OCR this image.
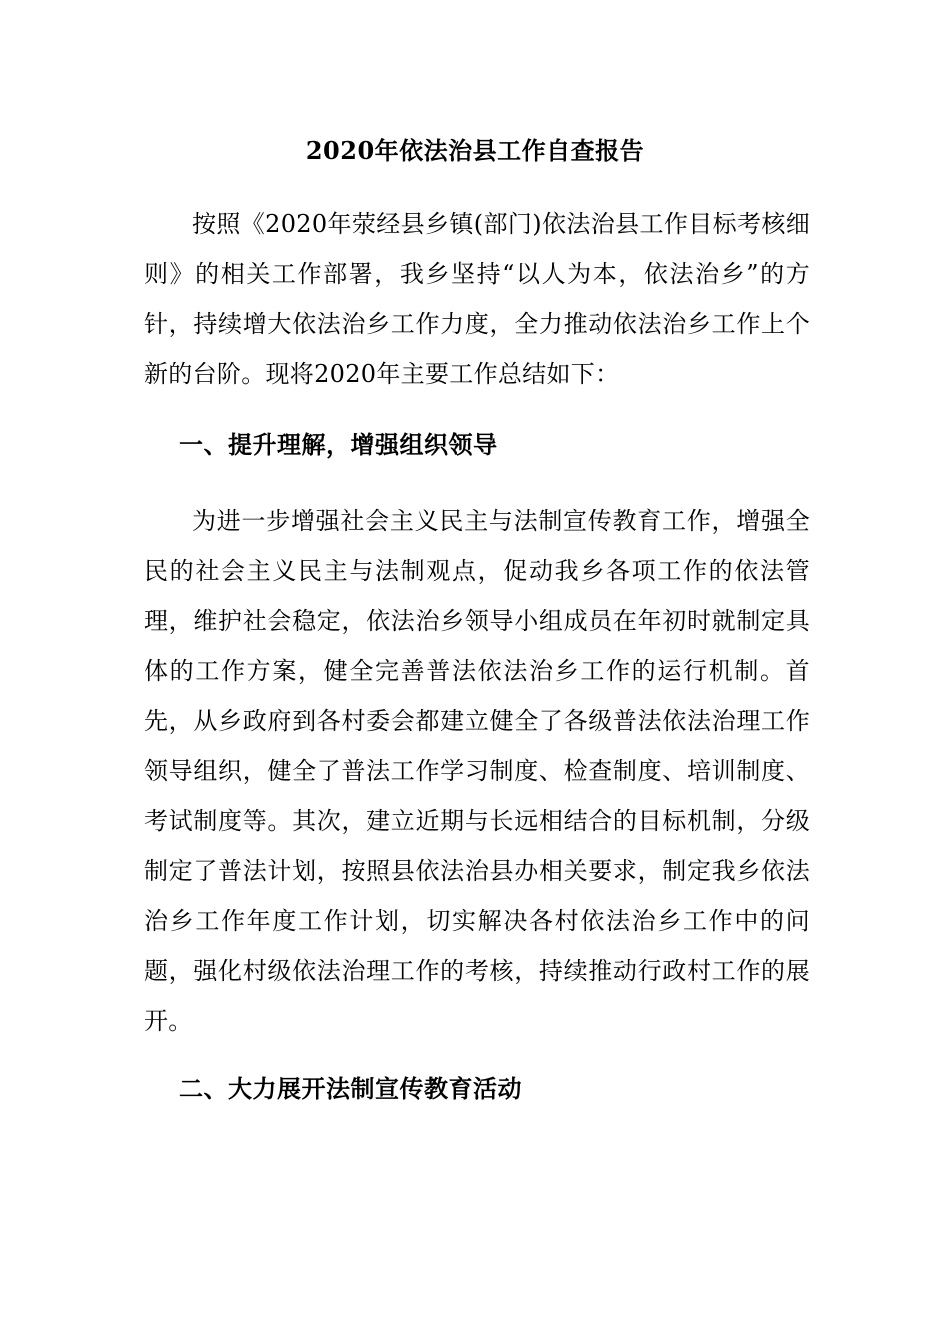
2020年依法治县工作自查报告

按照《2020年荥经县乡镇(部门)依法治县工作目标考核细则》的相关工作部署，我乡坚持“以人为本，依法治乡”的方针，持续增大依法治乡工作力度，全力推动依法治乡工作上个新的台阶。现将2020年主要工作总结如下：

一、提升理解，增强组织领导

为进一步增强社会主义民主与法制宣传教育工作，增强全民的社会主义民主与法制观点，促动我乡各项工作的依法管理，维护社会稳定，依法治乡领导小组成员在年初时就制定具体的工作方案，健全完善普法依法治乡工作的运行机制。首先，从乡政府到各村委会都建立健全了各级普法依法治理工作领导组织，健全了普法工作学习制度、检查制度、培训制度、考试制度等。其次，建立近期与长远相结合的目标机制，分级制定了普法计划，按照县依法治县办相关要求，制定我乡依法治乡工作年度工作计划，切实解决各村依法治乡工作中的问题，强化村级依法治理工作的考核，持续推动行政村工作的展开。

二、大力展开法制宣传教育活动
